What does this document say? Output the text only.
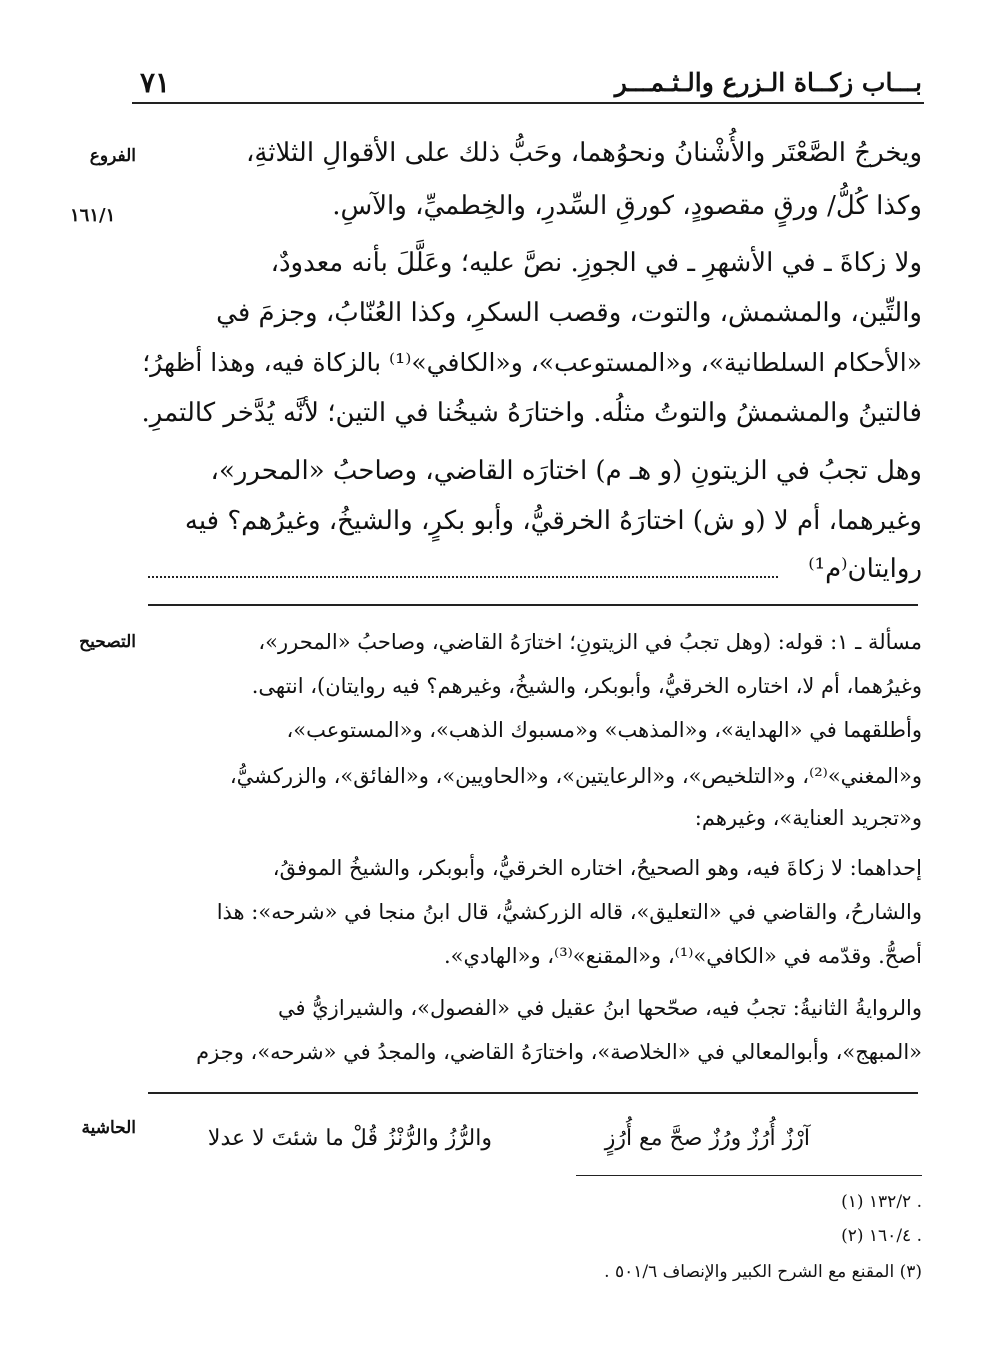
بـــاب زكــاة الـزرع والـثـمـــر
٧١
الفروع
١٦١/١
ويخرجُ الصَّعْتَر والأُشْنانُ ونحوُهما، وحَبُّ ذلك على الأقوالِ الثلاثةِ،
وكذا كُلُّ/ ورقٍ مقصودٍ، كورقِ السِّدرِ، والخِطميِّ، والآسِ.
ولا زكاةَ ـ في الأشهرِ ـ في الجوزِ. نصَّ عليه؛ وعَلَّلَ بأنه معدودٌ،
والتِّين، والمشمش، والتوت، وقصب السكرِ، وكذا العُنّابُ، وجزمَ في
«الأحكام السلطانية»، و«المستوعب»، و«الكافي»⁽¹⁾ بالزكاة فيه، وهذا أظهرُ؛
فالتينُ والمشمشُ والتوتُ مثلُه. واختارَهُ شيخُنا في التين؛ لأنَّه يُدَّخر كالتمرِ.
وهل تجبُ في الزيتونِ (و هـ م) اختارَه القاضي، وصاحبُ «المحرر»،
وغيرهما، أم لا (و ش) اختارَهُ الخرقيُّ، وأبو بكرٍ، والشيخُ، وغيرُهم؟ فيه
روايتان⁽م¹⁾
التصحيح	مسألة ـ ١: قوله: (وهل تجبُ في الزيتونِ؛ اختارَهُ القاضي، وصاحبُ «المحرر»،
وغيرُهما، أم لا، اختاره الخرقيُّ، وأبوبكر، والشيخُ، وغيرهم؟ فيه روايتان)، انتهى.
وأطلقهما في «الهداية»، و«المذهب» و«مسبوك الذهب»، و«المستوعب»،
و«المغني»⁽²⁾، و«التلخيص»، و«الرعايتين»، و«الحاويين»، و«الفائق»، والزركشيُّ،
و«تجريد العناية»، وغيرهم:
إحداهما: لا زكاةَ فيه، وهو الصحيحُ، اختاره الخرقيُّ، وأبوبكر، والشيخُ الموفقُ،
والشارحُ، والقاضي في «التعليق»، قاله الزركشيُّ، قال ابنُ منجا في «شرحه»: هذا
أصحُّ. وقدّمه في «الكافي»⁽¹⁾، و«المقنع»⁽³⁾، و«الهادي».
والروايةُ الثانيةُ: تجبُ فيه، صحّحها ابنُ عقيل في «الفصول»، والشيرازيُّ في
«المبهج»، وأبوالمعالي في «الخلاصة»، واختارَهُ القاضي، والمجدُ في «شرحه»، وجزم
الحاشية	آرْزٌ أُرُزٌ ورُزٌ صحَّ مع أُرُزٍ
والرُّزُ والرُّنْزُ قُلْ ما شئتَ لا عدلا
(١) ١٣٢/٢ .
(٢) ١٦٠/٤ .
(٣) المقنع مع الشرح الكبير والإنصاف ٥٠١/٦ .
